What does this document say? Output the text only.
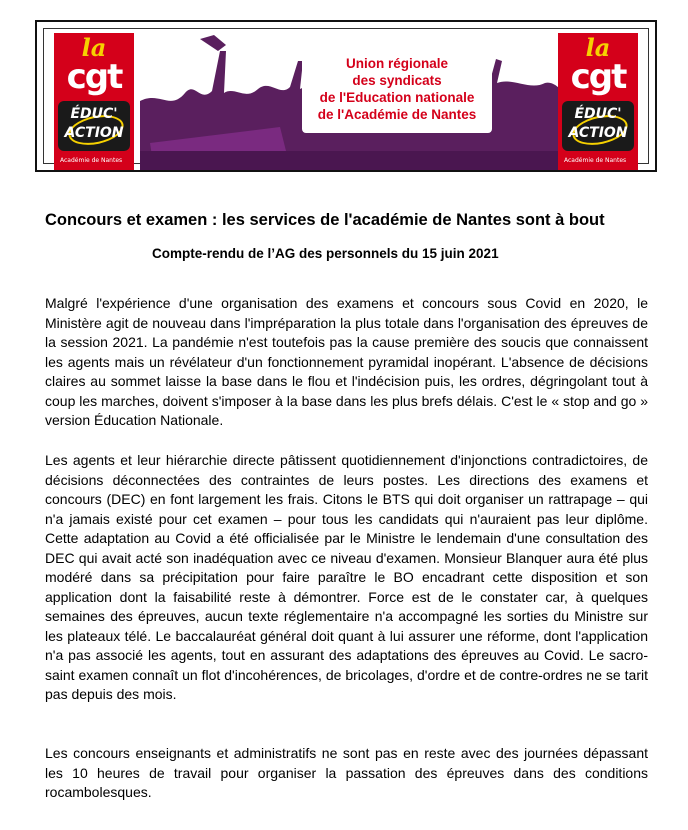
la
cgt
ÉDUC'
ACTION
Académie de Nantes
Union régionale
des syndicats
de l'Education nationale
de l'Académie de Nantes
la
cgt
ÉDUC'
ACTION
Académie de Nantes
Concours et examen : les services de l'académie de Nantes sont à bout
Compte-rendu de l’AG des personnels du 15 juin 2021
Malgré l'expérience d'une organisation des examens et concours sous Covid en 2020, le Ministère agit de nouveau dans l'impréparation la plus totale dans l'organisation des épreuves de la session 2021. La pandémie n'est toutefois pas la cause première des soucis que connaissent les agents mais un révélateur d'un fonctionnement pyramidal inopérant. L'absence de décisions claires au sommet laisse la base dans le flou et l'indécision puis, les ordres, dégringolant tout à coup les marches, doivent s'imposer à la base dans les plus brefs délais. C'est le « stop and go » version Éducation Nationale.
Les agents et leur hiérarchie directe pâtissent quotidiennement d'injonctions contradictoires, de décisions déconnectées des contraintes de leurs postes. Les directions des examens et concours (DEC) en font largement les frais. Citons le BTS qui doit organiser un rattrapage – qui n'a jamais existé pour cet examen – pour tous les candidats qui n'auraient pas leur diplôme. Cette adaptation au Covid a été officialisée par le Ministre le lendemain d'une consultation des DEC qui avait acté son inadéquation avec ce niveau d'examen. Monsieur Blanquer aura été plus modéré dans sa précipitation pour faire paraître le BO encadrant cette disposition et son application dont la faisabilité reste à démontrer. Force est de le constater car, à quelques semaines des épreuves, aucun texte réglementaire n'a accompagné les sorties du Ministre sur les plateaux télé. Le baccalauréat général doit quant à lui assurer une réforme, dont l'application n'a pas associé les agents, tout en assurant des adaptations des épreuves au Covid. Le sacro-saint examen connaît un flot d'incohérences, de bricolages, d'ordre et de contre-ordres ne se tarit pas depuis des mois.
Les concours enseignants et administratifs ne sont pas en reste avec des journées dépassant les 10 heures de travail pour organiser la passation des épreuves dans des conditions rocambolesques.
